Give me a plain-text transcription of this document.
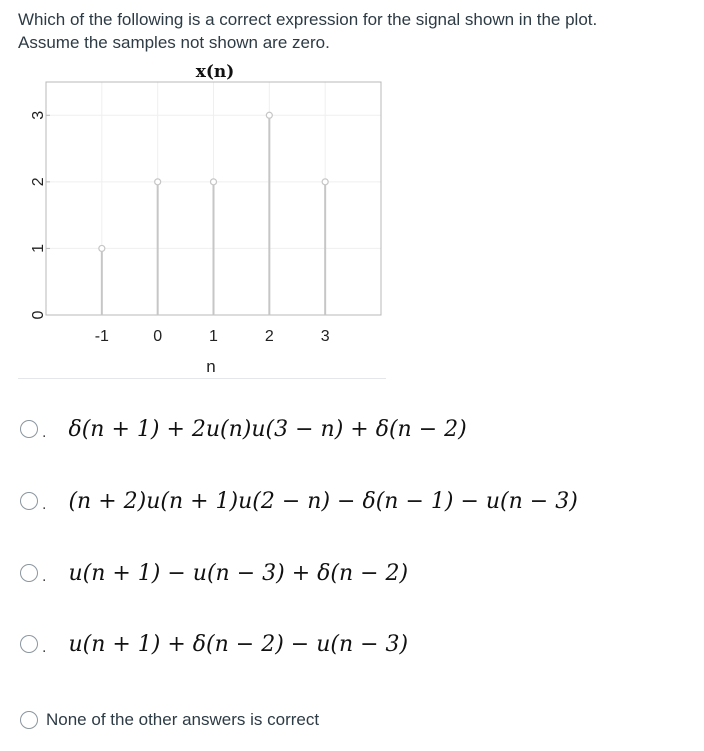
Which of the following is a correct expression for the signal shown in the plot.

Assume the samples not shown are zero.

x(n)
-1	0	1	2	3
0
1
2
3
n
. δ(n + 1) + 2u(n)u(3 − n) + δ(n − 2)
. (n + 2)u(n + 1)u(2 − n) − δ(n − 1) − u(n − 3)
. u(n + 1) − u(n − 3) + δ(n − 2)
. u(n + 1) + δ(n − 2) − u(n − 3)
None of the other answers is correct
